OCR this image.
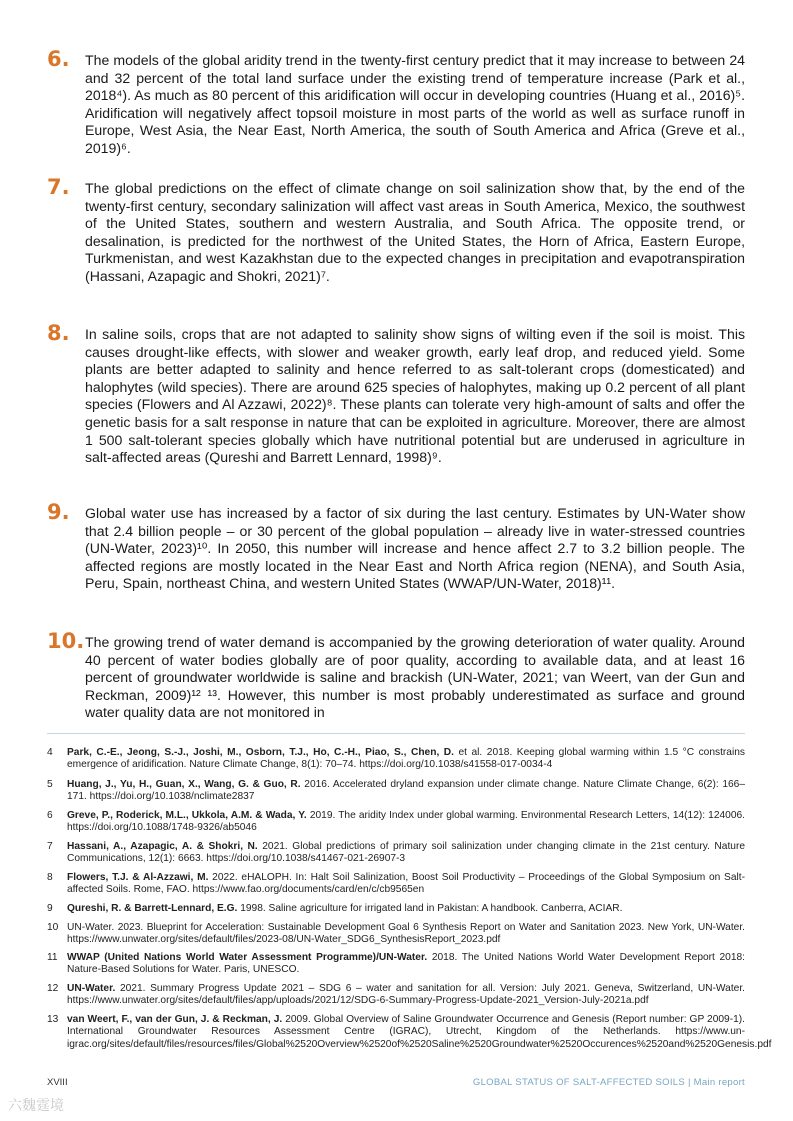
6. The models of the global aridity trend in the twenty-first century predict that it may increase to between 24 and 32 percent of the total land surface under the existing trend of temperature increase (Park et al., 2018⁴). As much as 80 percent of this aridification will occur in developing countries (Huang et al., 2016)⁵. Aridification will negatively affect topsoil moisture in most parts of the world as well as surface runoff in Europe, West Asia, the Near East, North America, the south of South America and Africa (Greve et al., 2019)⁶.
7. The global predictions on the effect of climate change on soil salinization show that, by the end of the twenty-first century, secondary salinization will affect vast areas in South America, Mexico, the southwest of the United States, southern and western Australia, and South Africa. The opposite trend, or desalination, is predicted for the northwest of the United States, the Horn of Africa, Eastern Europe, Turkmenistan, and west Kazakhstan due to the expected changes in precipitation and evapotranspiration (Hassani, Azapagic and Shokri, 2021)⁷.
8. In saline soils, crops that are not adapted to salinity show signs of wilting even if the soil is moist. This causes drought-like effects, with slower and weaker growth, early leaf drop, and reduced yield. Some plants are better adapted to salinity and hence referred to as salt-tolerant crops (domesticated) and halophytes (wild species). There are around 625 species of halophytes, making up 0.2 percent of all plant species (Flowers and Al Azzawi, 2022)⁸. These plants can tolerate very high-amount of salts and offer the genetic basis for a salt response in nature that can be exploited in agriculture. Moreover, there are almost 1 500 salt-tolerant species globally which have nutritional potential but are underused in agriculture in salt-affected areas (Qureshi and Barrett Lennard, 1998)⁹.
9. Global water use has increased by a factor of six during the last century. Estimates by UN-Water show that 2.4 billion people – or 30 percent of the global population – already live in water-stressed countries (UN-Water, 2023)¹⁰. In 2050, this number will increase and hence affect 2.7 to 3.2 billion people. The affected regions are mostly located in the Near East and North Africa region (NENA), and South Asia, Peru, Spain, northeast China, and western United States (WWAP/UN-Water, 2018)¹¹.
10. The growing trend of water demand is accompanied by the growing deterioration of water quality. Around 40 percent of water bodies globally are of poor quality, according to available data, and at least 16 percent of groundwater worldwide is saline and brackish (UN-Water, 2021; van Weert, van der Gun and Reckman, 2009)¹² ¹³. However, this number is most probably underestimated as surface and ground water quality data are not monitored in
4 Park, C.-E., Jeong, S.-J., Joshi, M., Osborn, T.J., Ho, C.-H., Piao, S., Chen, D. et al. 2018. Keeping global warming within 1.5 °C constrains emergence of aridification. Nature Climate Change, 8(1): 70–74. https://doi.org/10.1038/s41558-017-0034-4
5 Huang, J., Yu, H., Guan, X., Wang, G. & Guo, R. 2016. Accelerated dryland expansion under climate change. Nature Climate Change, 6(2): 166–171. https://doi.org/10.1038/nclimate2837
6 Greve, P., Roderick, M.L., Ukkola, A.M. & Wada, Y. 2019. The aridity Index under global warming. Environmental Research Letters, 14(12): 124006. https://doi.org/10.1088/1748-9326/ab5046
7 Hassani, A., Azapagic, A. & Shokri, N. 2021. Global predictions of primary soil salinization under changing climate in the 21st century. Nature Communications, 12(1): 6663. https://doi.org/10.1038/s41467-021-26907-3
8 Flowers, T.J. & Al-Azzawi, M. 2022. eHALOPH. In: Halt Soil Salinization, Boost Soil Productivity – Proceedings of the Global Symposium on Salt-affected Soils. Rome, FAO. https://www.fao.org/documents/card/en/c/cb9565en
9 Qureshi, R. & Barrett-Lennard, E.G. 1998. Saline agriculture for irrigated land in Pakistan: A handbook. Canberra, ACIAR.
10 UN-Water. 2023. Blueprint for Acceleration: Sustainable Development Goal 6 Synthesis Report on Water and Sanitation 2023. New York, UN-Water. https://www.unwater.org/sites/default/files/2023-08/UN-Water_SDG6_SynthesisReport_2023.pdf
11 WWAP (United Nations World Water Assessment Programme)/UN-Water. 2018. The United Nations World Water Development Report 2018: Nature-Based Solutions for Water. Paris, UNESCO.
12 UN-Water. 2021. Summary Progress Update 2021 – SDG 6 – water and sanitation for all. Version: July 2021. Geneva, Switzerland, UN-Water. https://www.unwater.org/sites/default/files/app/uploads/2021/12/SDG-6-Summary-Progress-Update-2021_Version-July-2021a.pdf
13 van Weert, F., van der Gun, J. & Reckman, J. 2009. Global Overview of Saline Groundwater Occurrence and Genesis (Report number: GP 2009-1). International Groundwater Resources Assessment Centre (IGRAC), Utrecht, Kingdom of the Netherlands. https://www.un-igrac.org/sites/default/files/resources/files/Global%2520Overview%2520of%2520Saline%2520Groundwater%2520Occurences%2520and%2520Genesis.pdf
XVIII	GLOBAL STATUS OF SALT-AFFECTED SOILS | Main report
六魏霆境
